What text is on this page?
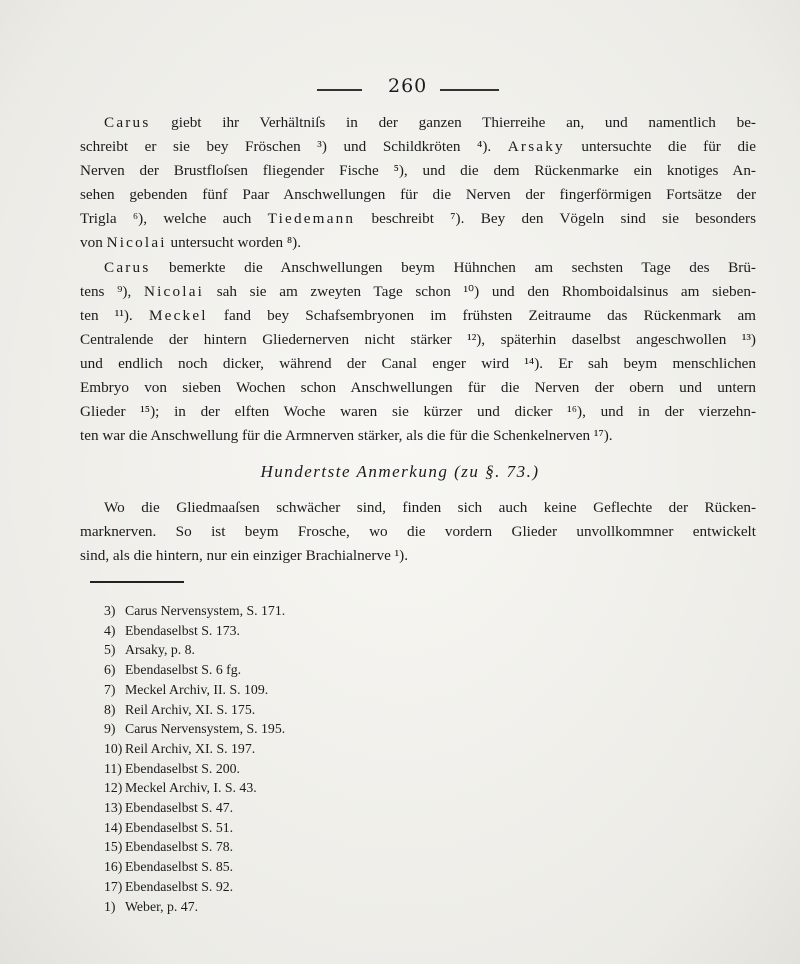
260
Carus giebt ihr Verhältniſs in der ganzen Thierreihe an, und namentlich be-
schreibt er sie bey Fröschen ³) und Schildkröten ⁴). Arsaky untersuchte die für die
Nerven der Brustfloſsen fliegender Fische ⁵), und die dem Rückenmarke ein knotiges An-
sehen gebenden fünf Paar Anschwellungen für die Nerven der fingerförmigen Fortsätze der
Trigla ⁶), welche auch Tiedemann beschreibt ⁷). Bey den Vögeln sind sie besonders
von Nicolai untersucht worden ⁸).
Carus bemerkte die Anschwellungen beym Hühnchen am sechsten Tage des Brü-
tens ⁹), Nicolai sah sie am zweyten Tage schon ¹⁰) und den Rhomboidalsinus am sieben-
ten ¹¹). Meckel fand bey Schafsembryonen im frühsten Zeitraume das Rückenmark am
Centralende der hintern Gliedernerven nicht stärker ¹²), späterhin daselbst angeschwollen ¹³)
und endlich noch dicker, während der Canal enger wird ¹⁴). Er sah beym menschlichen
Embryo von sieben Wochen schon Anschwellungen für die Nerven der obern und untern
Glieder ¹⁵); in der elften Woche waren sie kürzer und dicker ¹⁶), und in der vierzehn-
ten war die Anschwellung für die Armnerven stärker, als die für die Schenkelnerven ¹⁷).
Hundertste Anmerkung (zu §. 73.)
Wo die Gliedmaaſsen schwächer sind, finden sich auch keine Geflechte der Rücken-
marknerven. So ist beym Frosche, wo die vordern Glieder unvollkommner entwickelt
sind, als die hintern, nur ein einziger Brachialnerve ¹).
3) Carus Nervensystem, S. 171.
4) Ebendaselbst S. 173.
5) Arsaky, p. 8.
6) Ebendaselbst S. 6 fg.
7) Meckel Archiv, II. S. 109.
8) Reil Archiv, XI. S. 175.
9) Carus Nervensystem, S. 195.
10) Reil Archiv, XI. S. 197.
11) Ebendaselbst S. 200.
12) Meckel Archiv, I. S. 43.
13) Ebendaselbst S. 47.
14) Ebendaselbst S. 51.
15) Ebendaselbst S. 78.
16) Ebendaselbst S. 85.
17) Ebendaselbst S. 92.
1) Weber, p. 47.
